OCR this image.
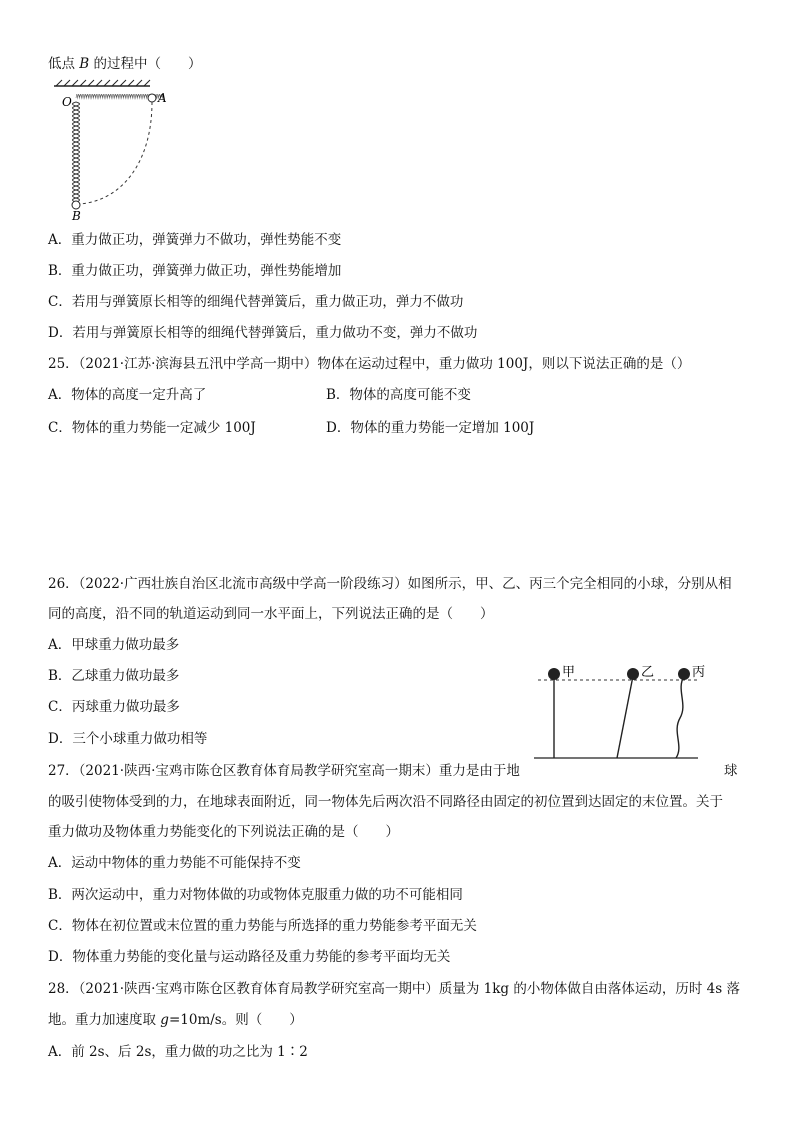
低点 B 的过程中（　　）
O	A
B
A．重力做正功，弹簧弹力不做功，弹性势能不变
B．重力做正功，弹簧弹力做正功，弹性势能增加
C．若用与弹簧原长相等的细绳代替弹簧后，重力做正功，弹力不做功
D．若用与弹簧原长相等的细绳代替弹簧后，重力做功不变，弹力不做功
25．（2021·江苏·滨海县五汛中学高一期中）物体在运动过程中，重力做功 100J，则以下说法正确的是（）
A．物体的高度一定升高了	B．物体的高度可能不变
C．物体的重力势能一定减少 100J	D．物体的重力势能一定增加 100J
26．（2022·广西壮族自治区北流市高级中学高一阶段练习）如图所示，甲、乙、丙三个完全相同的小球，分别从相
同的高度，沿不同的轨道运动到同一水平面上，下列说法正确的是（　　）
A．甲球重力做功最多
B．乙球重力做功最多
C．丙球重力做功最多
D．三个小球重力做功相等
甲	乙	丙
27．（2021·陕西·宝鸡市陈仓区教育体育局教学研究室高一期末）重力是由于地	球
的吸引使物体受到的力，在地球表面附近，同一物体先后两次沿不同路径由固定的初位置到达固定的末位置。关于
重力做功及物体重力势能变化的下列说法正确的是（　　）
A．运动中物体的重力势能不可能保持不变
B．两次运动中，重力对物体做的功或物体克服重力做的功不可能相同
C．物体在初位置或末位置的重力势能与所选择的重力势能参考平面无关
D．物体重力势能的变化量与运动路径及重力势能的参考平面均无关
28．（2021·陕西·宝鸡市陈仓区教育体育局教学研究室高一期中）质量为 1kg 的小物体做自由落体运动，历时 4s 落
地。重力加速度取 g=10m/s。则（　　）
A．前 2s、后 2s，重力做的功之比为 1∶2
